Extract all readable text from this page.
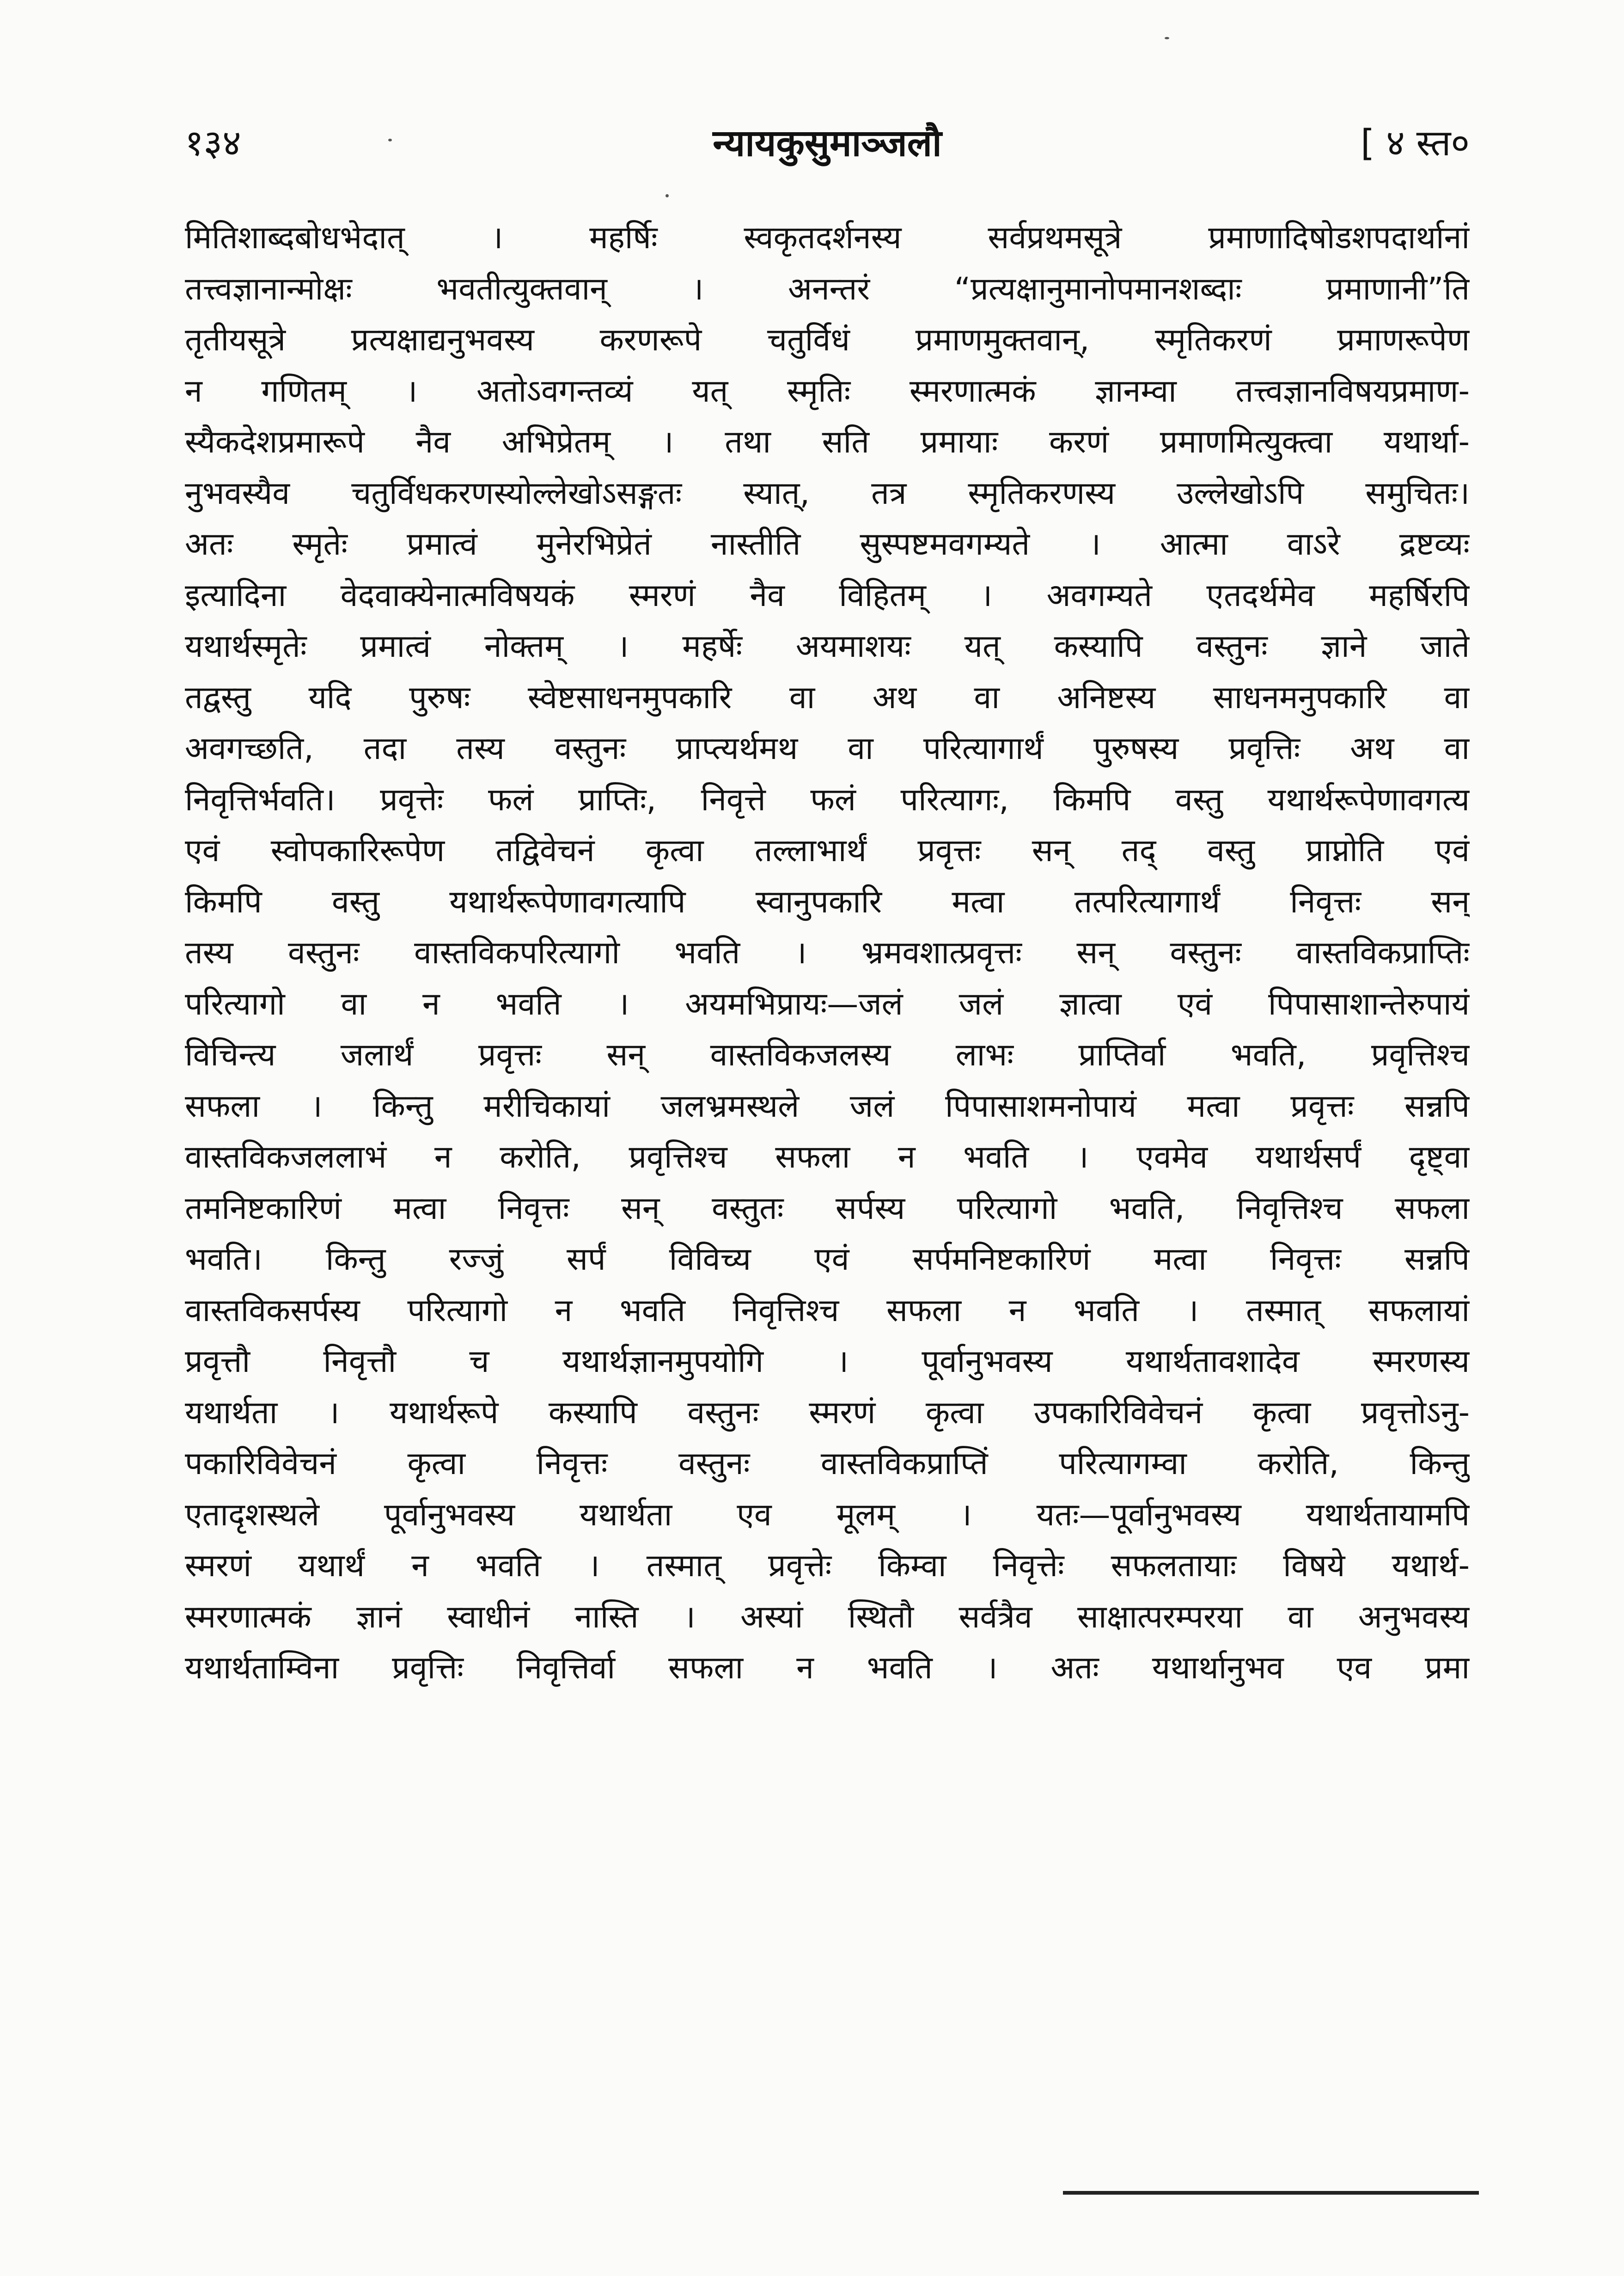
१३४	न्यायकुसुमाञ्जलौ	[ ४ स्त०
मितिशाब्दबोधभेदात् । महर्षिः स्वकृतदर्शनस्य सर्वप्रथमसूत्रे प्रमाणादिषोडशपदार्थानां
तत्त्वज्ञानान्मोक्षः भवतीत्युक्तवान् । अनन्तरं “प्रत्यक्षानुमानोपमानशब्दाः प्रमाणानी”ति
तृतीयसूत्रे प्रत्यक्षाद्यनुभवस्य करणरूपे चतुर्विधं प्रमाणमुक्तवान्, स्मृतिकरणं प्रमाणरूपेण
न गणितम् । अतोऽवगन्तव्यं यत् स्मृतिः स्मरणात्मकं ज्ञानम्वा तत्त्वज्ञानविषयप्रमाण-
स्यैकदेशप्रमारूपे नैव अभिप्रेतम् । तथा सति प्रमायाः करणं प्रमाणमित्युक्त्वा यथार्था-
नुभवस्यैव चतुर्विधकरणस्योल्लेखोऽसङ्गतः स्यात्, तत्र स्मृतिकरणस्य उल्लेखोऽपि समुचितः।
अतः स्मृतेः प्रमात्वं मुनेरभिप्रेतं नास्तीति सुस्पष्टमवगम्यते । आत्मा वाऽरे द्रष्टव्यः
इत्यादिना वेदवाक्येनात्मविषयकं स्मरणं नैव विहितम् । अवगम्यते एतदर्थमेव महर्षिरपि
यथार्थस्मृतेः प्रमात्वं नोक्तम् । महर्षेः अयमाशयः यत् कस्यापि वस्तुनः ज्ञाने जाते
तद्वस्तु यदि पुरुषः स्वेष्टसाधनमुपकारि वा अथ वा अनिष्टस्य साधनमनुपकारि वा
अवगच्छति, तदा तस्य वस्तुनः प्राप्त्यर्थमथ वा परित्यागार्थं पुरुषस्य प्रवृत्तिः अथ वा
निवृत्तिर्भवति। प्रवृत्तेः फलं प्राप्तिः, निवृत्ते फलं परित्यागः, किमपि वस्तु यथार्थरूपेणावगत्य
एवं स्वोपकारिरूपेण तद्विवेचनं कृत्वा तल्लाभार्थं प्रवृत्तः सन् तद् वस्तु प्राप्नोति एवं
किमपि वस्तु यथार्थरूपेणावगत्यापि स्वानुपकारि मत्वा तत्परित्यागार्थं निवृत्तः सन्
तस्य वस्तुनः वास्तविकपरित्यागो भवति । भ्रमवशात्प्रवृत्तः सन् वस्तुनः वास्तविकप्राप्तिः
परित्यागो वा न भवति । अयमभिप्रायः—जलं जलं ज्ञात्वा एवं पिपासाशान्तेरुपायं
विचिन्त्य जलार्थं प्रवृत्तः सन् वास्तविकजलस्य लाभः प्राप्तिर्वा भवति, प्रवृत्तिश्च
सफला । किन्तु मरीचिकायां जलभ्रमस्थले जलं पिपासाशमनोपायं मत्वा प्रवृत्तः सन्नपि
वास्तविकजललाभं न करोति, प्रवृत्तिश्च सफला न भवति । एवमेव यथार्थसर्पं दृष्ट्वा
तमनिष्टकारिणं मत्वा निवृत्तः सन् वस्तुतः सर्पस्य परित्यागो भवति, निवृत्तिश्च सफला
भवति। किन्तु रज्जुं सर्पं विविच्य एवं सर्पमनिष्टकारिणं मत्वा निवृत्तः सन्नपि
वास्तविकसर्पस्य परित्यागो न भवति निवृत्तिश्च सफला न भवति । तस्मात् सफलायां
प्रवृत्तौ निवृत्तौ च यथार्थज्ञानमुपयोगि । पूर्वानुभवस्य यथार्थतावशादेव स्मरणस्य
यथार्थता । यथार्थरूपे कस्यापि वस्तुनः स्मरणं कृत्वा उपकारिविवेचनं कृत्वा प्रवृत्तोऽनु-
पकारिविवेचनं कृत्वा निवृत्तः वस्तुनः वास्तविकप्राप्तिं परित्यागम्वा करोति, किन्तु
एतादृशस्थले पूर्वानुभवस्य यथार्थता एव मूलम् । यतः—पूर्वानुभवस्य यथार्थतायामपि
स्मरणं यथार्थं न भवति । तस्मात् प्रवृत्तेः किम्वा निवृत्तेः सफलतायाः विषये यथार्थ-
स्मरणात्मकं ज्ञानं स्वाधीनं नास्ति । अस्यां स्थितौ सर्वत्रैव साक्षात्परम्परया वा अनुभवस्य
यथार्थताम्विना प्रवृत्तिः निवृत्तिर्वा सफला न भवति । अतः यथार्थानुभव एव प्रमा
